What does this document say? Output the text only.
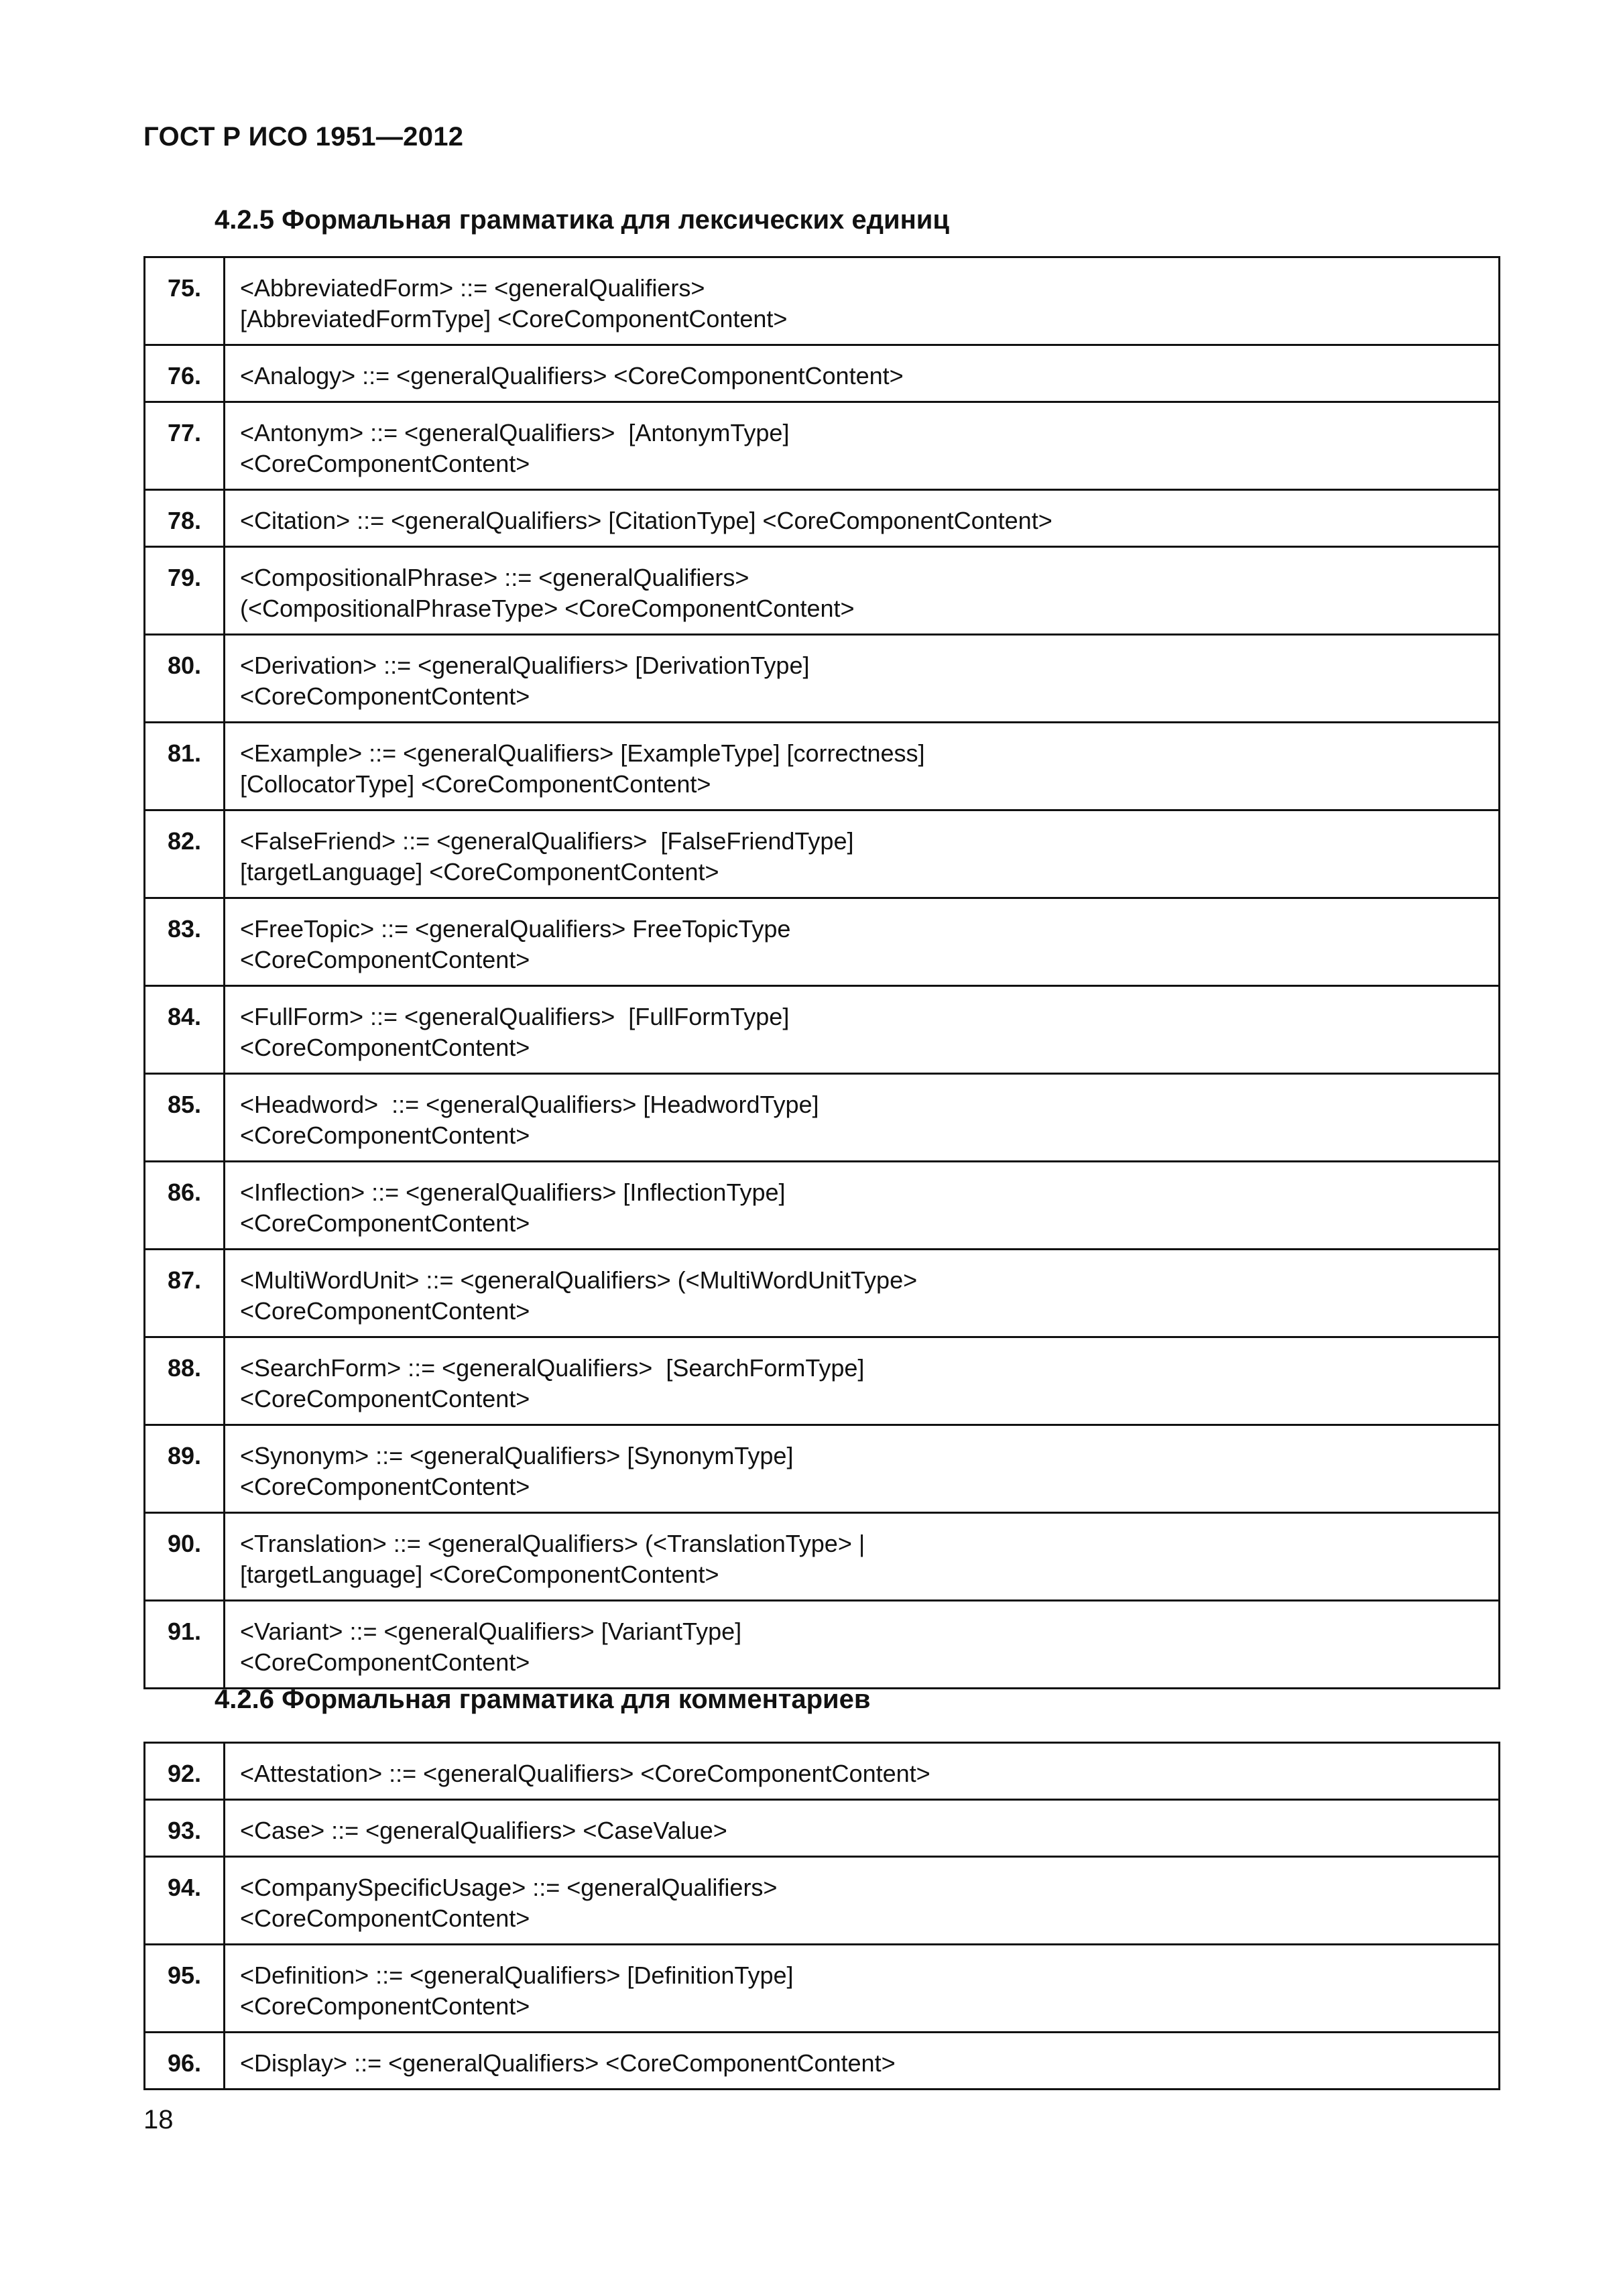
ГОСТ Р ИСО 1951—2012
4.2.5 Формальная грамматика для лексических единиц
75.	<AbbreviatedForm> ::= <generalQualifiers>
[AbbreviatedFormType] <CoreComponentContent>
76.	<Analogy> ::= <generalQualifiers> <CoreComponentContent>
77.	<Antonym> ::= <generalQualifiers>  [AntonymType]
<CoreComponentContent>
78.	<Citation> ::= <generalQualifiers> [CitationType] <CoreComponentContent>
79.	<CompositionalPhrase> ::= <generalQualifiers>
(<CompositionalPhraseType> <CoreComponentContent>
80.	<Derivation> ::= <generalQualifiers> [DerivationType]
<CoreComponentContent>
81.	<Example> ::= <generalQualifiers> [ExampleType] [correctness]
[CollocatorType] <CoreComponentContent>
82.	<FalseFriend> ::= <generalQualifiers>  [FalseFriendType]
[targetLanguage] <CoreComponentContent>
83.	<FreeTopic> ::= <generalQualifiers> FreeTopicType
<CoreComponentContent>
84.	<FullForm> ::= <generalQualifiers>  [FullFormType]
<CoreComponentContent>
85.	<Headword>  ::= <generalQualifiers> [HeadwordType]
<CoreComponentContent>
86.	<Inflection> ::= <generalQualifiers> [InflectionType]
<CoreComponentContent>
87.	<MultiWordUnit> ::= <generalQualifiers> (<MultiWordUnitType>
<CoreComponentContent>
88.	<SearchForm> ::= <generalQualifiers>  [SearchFormType]
<CoreComponentContent>
89.	<Synonym> ::= <generalQualifiers> [SynonymType]
<CoreComponentContent>
90.	<Translation> ::= <generalQualifiers> (<TranslationType> |
[targetLanguage] <CoreComponentContent>
91.	<Variant> ::= <generalQualifiers> [VariantType]
<CoreComponentContent>
4.2.6 Формальная грамматика для комментариев
92.	<Attestation> ::= <generalQualifiers> <CoreComponentContent>
93.	<Case> ::= <generalQualifiers> <CaseValue>
94.	<CompanySpecificUsage> ::= <generalQualifiers>
<CoreComponentContent>
95.	<Definition> ::= <generalQualifiers> [DefinitionType]
<CoreComponentContent>
96.	<Display> ::= <generalQualifiers> <CoreComponentContent>
18
